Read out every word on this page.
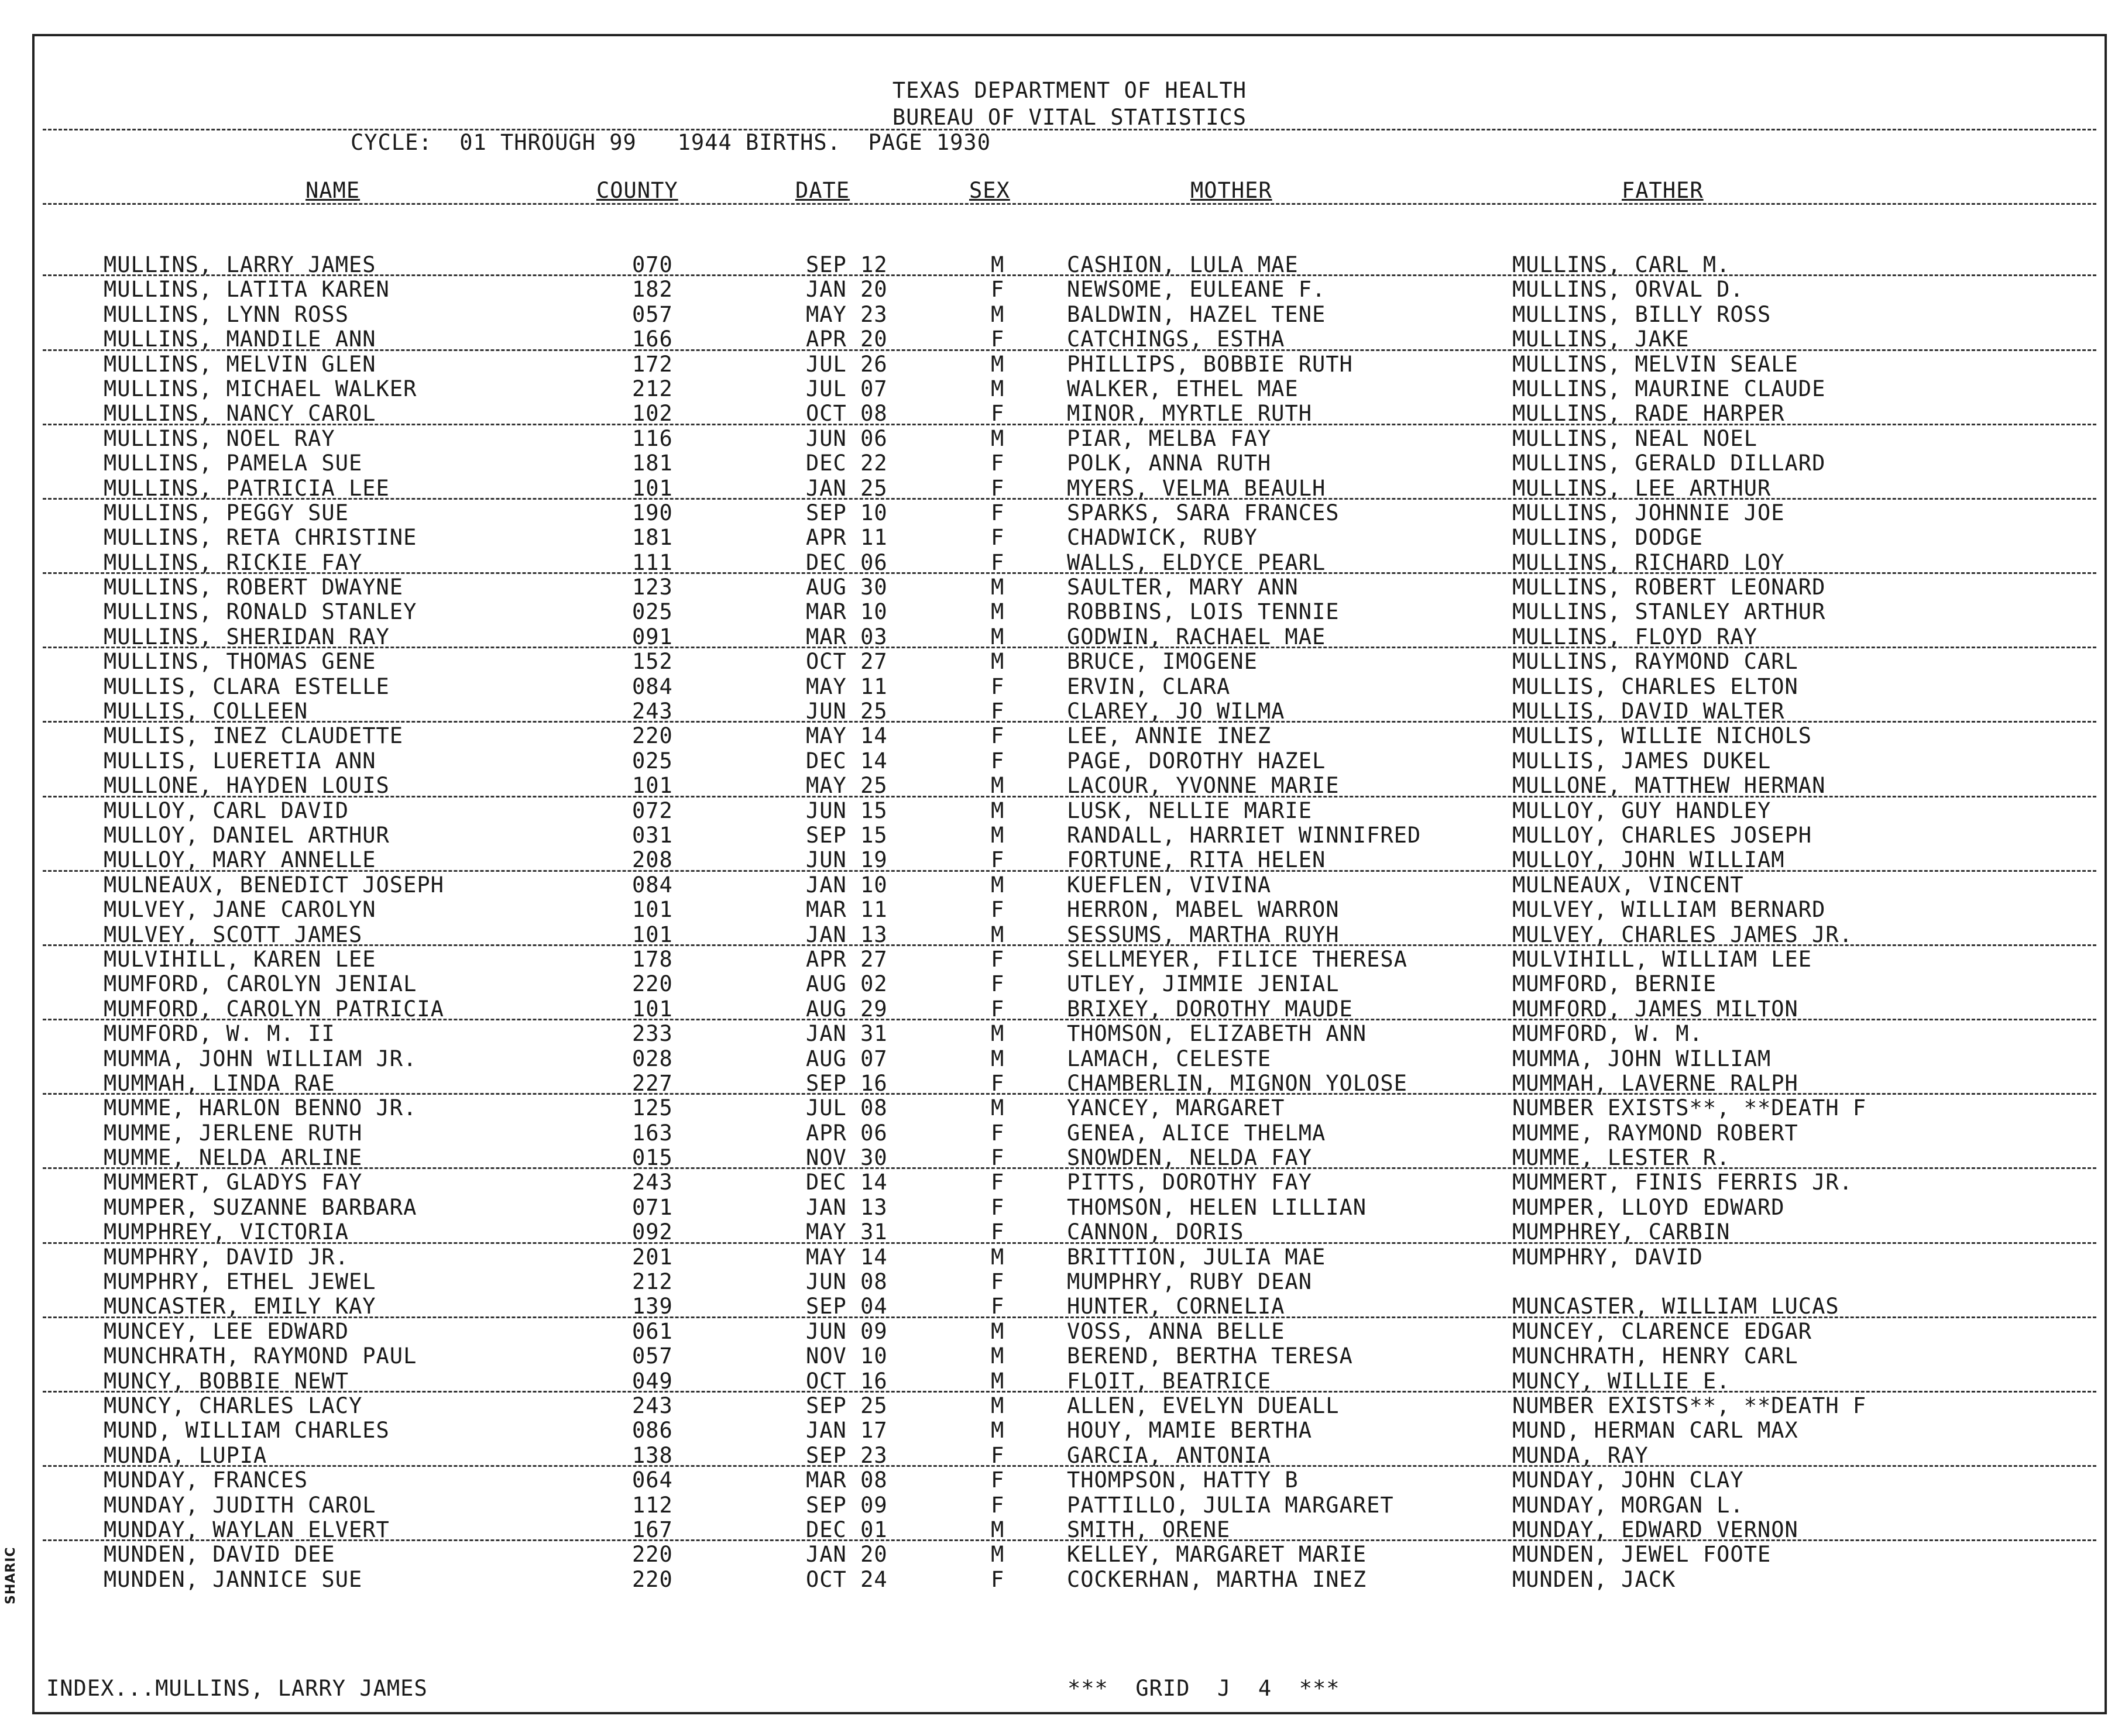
TEXAS DEPARTMENT OF HEALTH
BUREAU OF VITAL STATISTICS
CYCLE:  01 THROUGH 99   1944 BIRTHS.  PAGE 1930
NAME	COUNTY	DATE	SEX	MOTHER	FATHER
MULLINS, LARRY JAMES	070	SEP 12	M	CASHION, LULA MAE	MULLINS, CARL M.
MULLINS, LATITA KAREN	182	JAN 20	F	NEWSOME, EULEANE F.	MULLINS, ORVAL D.
MULLINS, LYNN ROSS	057	MAY 23	M	BALDWIN, HAZEL TENE	MULLINS, BILLY ROSS
MULLINS, MANDILE ANN	166	APR 20	F	CATCHINGS, ESTHA	MULLINS, JAKE
MULLINS, MELVIN GLEN	172	JUL 26	M	PHILLIPS, BOBBIE RUTH	MULLINS, MELVIN SEALE
MULLINS, MICHAEL WALKER	212	JUL 07	M	WALKER, ETHEL MAE	MULLINS, MAURINE CLAUDE
MULLINS, NANCY CAROL	102	OCT 08	F	MINOR, MYRTLE RUTH	MULLINS, RADE HARPER
MULLINS, NOEL RAY	116	JUN 06	M	PIAR, MELBA FAY	MULLINS, NEAL NOEL
MULLINS, PAMELA SUE	181	DEC 22	F	POLK, ANNA RUTH	MULLINS, GERALD DILLARD
MULLINS, PATRICIA LEE	101	JAN 25	F	MYERS, VELMA BEAULH	MULLINS, LEE ARTHUR
MULLINS, PEGGY SUE	190	SEP 10	F	SPARKS, SARA FRANCES	MULLINS, JOHNNIE JOE
MULLINS, RETA CHRISTINE	181	APR 11	F	CHADWICK, RUBY	MULLINS, DODGE
MULLINS, RICKIE FAY	111	DEC 06	F	WALLS, ELDYCE PEARL	MULLINS, RICHARD LOY
MULLINS, ROBERT DWAYNE	123	AUG 30	M	SAULTER, MARY ANN	MULLINS, ROBERT LEONARD
MULLINS, RONALD STANLEY	025	MAR 10	M	ROBBINS, LOIS TENNIE	MULLINS, STANLEY ARTHUR
MULLINS, SHERIDAN RAY	091	MAR 03	M	GODWIN, RACHAEL MAE	MULLINS, FLOYD RAY
MULLINS, THOMAS GENE	152	OCT 27	M	BRUCE, IMOGENE	MULLINS, RAYMOND CARL
MULLIS, CLARA ESTELLE	084	MAY 11	F	ERVIN, CLARA	MULLIS, CHARLES ELTON
MULLIS, COLLEEN	243	JUN 25	F	CLAREY, JO WILMA	MULLIS, DAVID WALTER
MULLIS, INEZ CLAUDETTE	220	MAY 14	F	LEE, ANNIE INEZ	MULLIS, WILLIE NICHOLS
MULLIS, LUERETIA ANN	025	DEC 14	F	PAGE, DOROTHY HAZEL	MULLIS, JAMES DUKEL
MULLONE, HAYDEN LOUIS	101	MAY 25	M	LACOUR, YVONNE MARIE	MULLONE, MATTHEW HERMAN
MULLOY, CARL DAVID	072	JUN 15	M	LUSK, NELLIE MARIE	MULLOY, GUY HANDLEY
MULLOY, DANIEL ARTHUR	031	SEP 15	M	RANDALL, HARRIET WINNIFRED	MULLOY, CHARLES JOSEPH
MULLOY, MARY ANNELLE	208	JUN 19	F	FORTUNE, RITA HELEN	MULLOY, JOHN WILLIAM
MULNEAUX, BENEDICT JOSEPH	084	JAN 10	M	KUEFLEN, VIVINA	MULNEAUX, VINCENT
MULVEY, JANE CAROLYN	101	MAR 11	F	HERRON, MABEL WARRON	MULVEY, WILLIAM BERNARD
MULVEY, SCOTT JAMES	101	JAN 13	M	SESSUMS, MARTHA RUYH	MULVEY, CHARLES JAMES JR.
MULVIHILL, KAREN LEE	178	APR 27	F	SELLMEYER, FILICE THERESA	MULVIHILL, WILLIAM LEE
MUMFORD, CAROLYN JENIAL	220	AUG 02	F	UTLEY, JIMMIE JENIAL	MUMFORD, BERNIE
MUMFORD, CAROLYN PATRICIA	101	AUG 29	F	BRIXEY, DOROTHY MAUDE	MUMFORD, JAMES MILTON
MUMFORD, W. M. II	233	JAN 31	M	THOMSON, ELIZABETH ANN	MUMFORD, W. M.
MUMMA, JOHN WILLIAM JR.	028	AUG 07	M	LAMACH, CELESTE	MUMMA, JOHN WILLIAM
MUMMAH, LINDA RAE	227	SEP 16	F	CHAMBERLIN, MIGNON YOLOSE	MUMMAH, LAVERNE RALPH
MUMME, HARLON BENNO JR.	125	JUL 08	M	YANCEY, MARGARET	NUMBER EXISTS**, **DEATH F
MUMME, JERLENE RUTH	163	APR 06	F	GENEA, ALICE THELMA	MUMME, RAYMOND ROBERT
MUMME, NELDA ARLINE	015	NOV 30	F	SNOWDEN, NELDA FAY	MUMME, LESTER R.
MUMMERT, GLADYS FAY	243	DEC 14	F	PITTS, DOROTHY FAY	MUMMERT, FINIS FERRIS JR.
MUMPER, SUZANNE BARBARA	071	JAN 13	F	THOMSON, HELEN LILLIAN	MUMPER, LLOYD EDWARD
MUMPHREY, VICTORIA	092	MAY 31	F	CANNON, DORIS	MUMPHREY, CARBIN
MUMPHRY, DAVID JR.	201	MAY 14	M	BRITTION, JULIA MAE	MUMPHRY, DAVID
MUMPHRY, ETHEL JEWEL	212	JUN 08	F	MUMPHRY, RUBY DEAN
MUNCASTER, EMILY KAY	139	SEP 04	F	HUNTER, CORNELIA	MUNCASTER, WILLIAM LUCAS
MUNCEY, LEE EDWARD	061	JUN 09	M	VOSS, ANNA BELLE	MUNCEY, CLARENCE EDGAR
MUNCHRATH, RAYMOND PAUL	057	NOV 10	M	BEREND, BERTHA TERESA	MUNCHRATH, HENRY CARL
MUNCY, BOBBIE NEWT	049	OCT 16	M	FLOIT, BEATRICE	MUNCY, WILLIE E.
MUNCY, CHARLES LACY	243	SEP 25	M	ALLEN, EVELYN DUEALL	NUMBER EXISTS**, **DEATH F
MUND, WILLIAM CHARLES	086	JAN 17	M	HOUY, MAMIE BERTHA	MUND, HERMAN CARL MAX
MUNDA, LUPIA	138	SEP 23	F	GARCIA, ANTONIA	MUNDA, RAY
MUNDAY, FRANCES	064	MAR 08	F	THOMPSON, HATTY B	MUNDAY, JOHN CLAY
MUNDAY, JUDITH CAROL	112	SEP 09	F	PATTILLO, JULIA MARGARET	MUNDAY, MORGAN L.
MUNDAY, WAYLAN ELVERT	167	DEC 01	M	SMITH, ORENE	MUNDAY, EDWARD VERNON
MUNDEN, DAVID DEE	220	JAN 20	M	KELLEY, MARGARET MARIE	MUNDEN, JEWEL FOOTE
MUNDEN, JANNICE SUE	220	OCT 24	F	COCKERHAN, MARTHA INEZ	MUNDEN, JACK
INDEX...MULLINS, LARRY JAMES	***  GRID  J  4  ***
SHARIC
